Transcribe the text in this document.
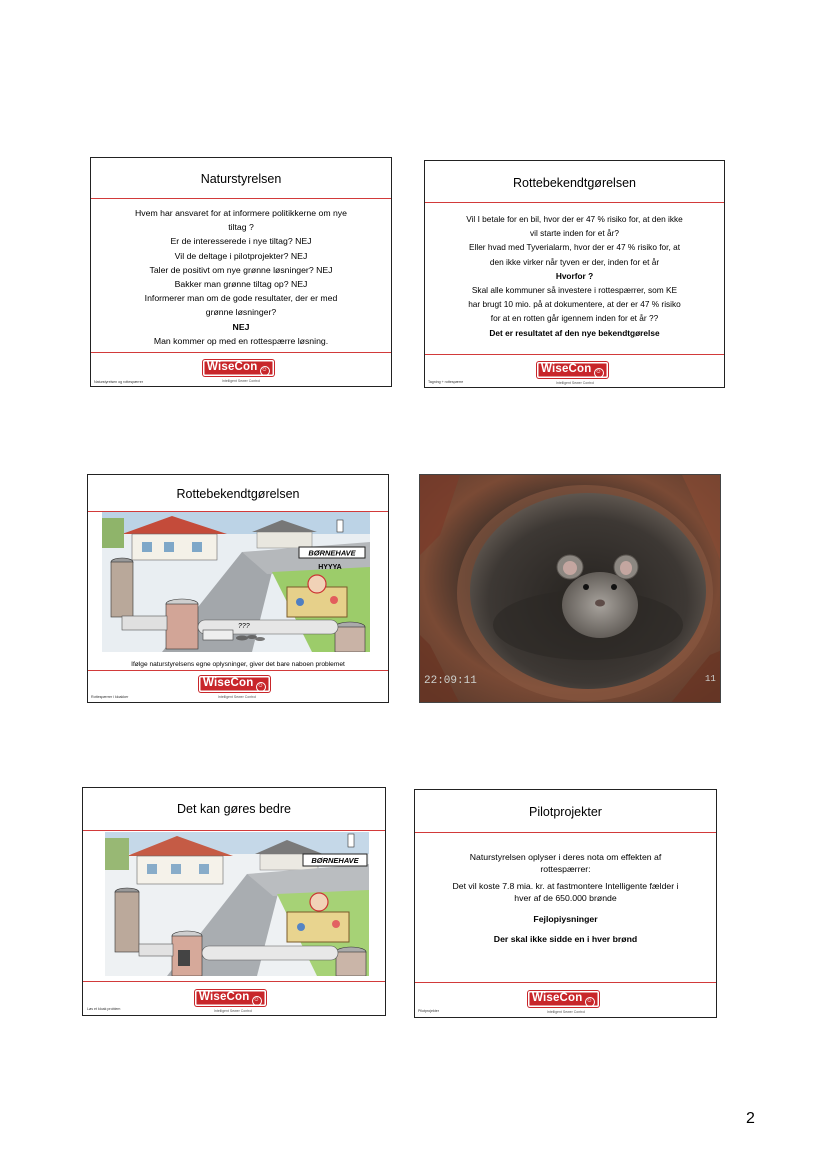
Naturstyrelsen
Hvem har ansvaret for at informere politikkerne om nye
tiltag ?
Er de interesserede i nye tiltag? NEJ
Vil de deltage i pilotprojekter? NEJ
Taler de positivt om nye grønne løsninger? NEJ
Bakker man grønne tiltag op? NEJ
Informerer man om de gode resultater, der er med
grønne løsninger?
NEJ
Man kommer op med en rottespærre løsning.
WiseCon ☺
Intelligent Sewer Control
Naturstyrelsen og rottespærrer
Rottebekendtgørelsen
Vil I betale for en bil, hvor der er 47 % risiko for, at den ikke
vil starte inden for et år?
Eller hvad med Tyverialarm, hvor der er 47 % risiko for, at
den ikke virker når tyven er der, inden for et år
Hvorfor ?
Skal alle kommuner så investere i rottespærrer, som KE
har brugt 10 mio. på at dokumentere, at der er 47 % risiko
for at en rotten går igennem inden for et år ??
Det er resultatet af den nye bekendtgørelse
WiseCon ☺
Intelligent Sewer Control
Tagning + rottespærre
Rottebekendtgørelsen
BØRNEHAVE
HYYYA
???
Ifølge naturstyrelsens egne oplysninger, giver det bare naboen problemet
WiseCon ☺
Intelligent Sewer Control
Rottespærrer i kloakker
22:09:11	11
Det kan gøres bedre
BØRNEHAVE
WiseCon ☺
Intelligent Sewer Control
Løs et kloak problem
Pilotprojekter
Naturstyrelsen oplyser i deres nota om effekten af
rottespærrer:
Det vil koste 7.8 mia. kr. at fastmontere Intelligente fælder i
hver af de 650.000 brønde
Fejlopiysninger
Der skal ikke sidde en i hver brønd
WiseCon ☺
Intelligent Sewer Control
Pilotprojekter
2
